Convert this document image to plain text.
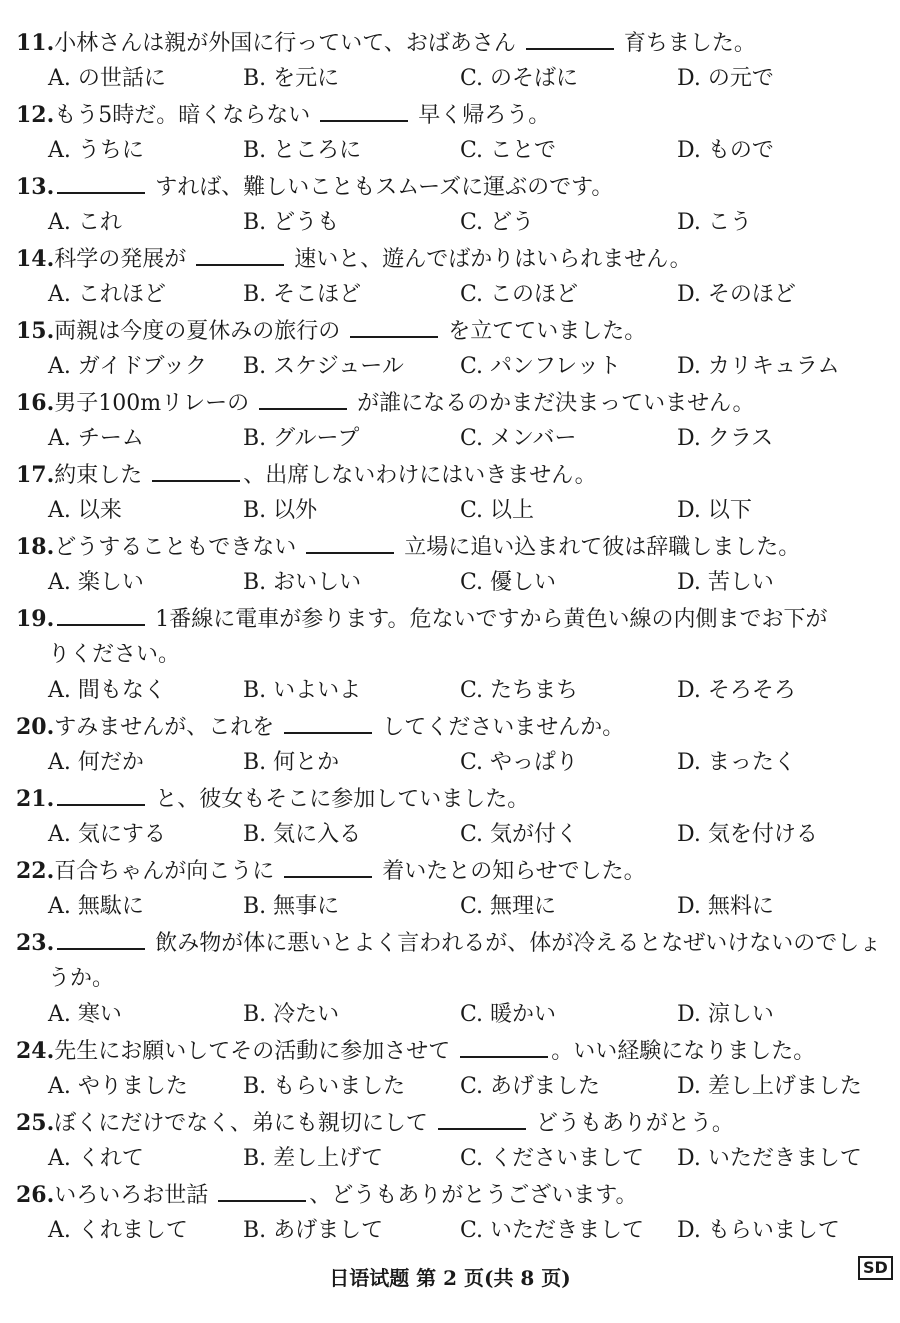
11.小林さんは親が外国に行っていて、おばあさん	育ちました。
A. の世話に	B. を元に	C. のそばに	D. の元で
12.もう5時だ。暗くならない	早く帰ろう。
A. うちに	B. ところに	C. ことで	D. もので
13.	すれば、難しいこともスムーズに運ぶのです。
A. これ	B. どうも	C. どう	D. こう
14.科学の発展が	速いと、遊んでばかりはいられません。
A. これほど	B. そこほど	C. このほど	D. そのほど
15.両親は今度の夏休みの旅行の	を立てていました。
A. ガイドブック B. スケジュール	C. パンフレット	D. カリキュラム
16.男子100mリレーの	が誰になるのかまだ決まっていません。
A. チーム	B. グループ	C. メンバー	D. クラス
17.約束した	、出席しないわけにはいきません。
A. 以来	B. 以外	C. 以上	D. 以下
18.どうすることもできない	立場に追い込まれて彼は辞職しました。
A. 楽しい	B. おいしい	C. 優しい	D. 苦しい
19.	1番線に電車が参ります。危ないですから黄色い線の内側までお下が
りください。
A. 間もなく	B. いよいよ	C. たちまち	D. そろそろ
20.すみませんが、これを	してくださいませんか。
A. 何だか	B. 何とか	C. やっぱり	D. まったく
21.	と、彼女もそこに参加していました。
A. 気にする	B. 気に入る	C. 気が付く	D. 気を付ける
22.百合ちゃんが向こうに	着いたとの知らせでした。
A. 無駄に	B. 無事に	C. 無理に	D. 無料に
23.	飲み物が体に悪いとよく言われるが、体が冷えるとなぜいけないのでしょ
うか。
A. 寒い	B. 冷たい	C. 暖かい	D. 涼しい
24.先生にお願いしてその活動に参加させて	。いい経験になりました。
A. やりました	B. もらいました C. あげました	D. 差し上げました
25.ぼくにだけでなく、弟にも親切にして	どうもありがとう。
A. くれて	B. 差し上げて	C. くださいまして D. いただきまして
26.いろいろお世話	、どうもありがとうございます。
A. くれまして	B. あげまして	C. いただきまして D. もらいまして
日语试题 第 2 页(共 8 页)	SD
